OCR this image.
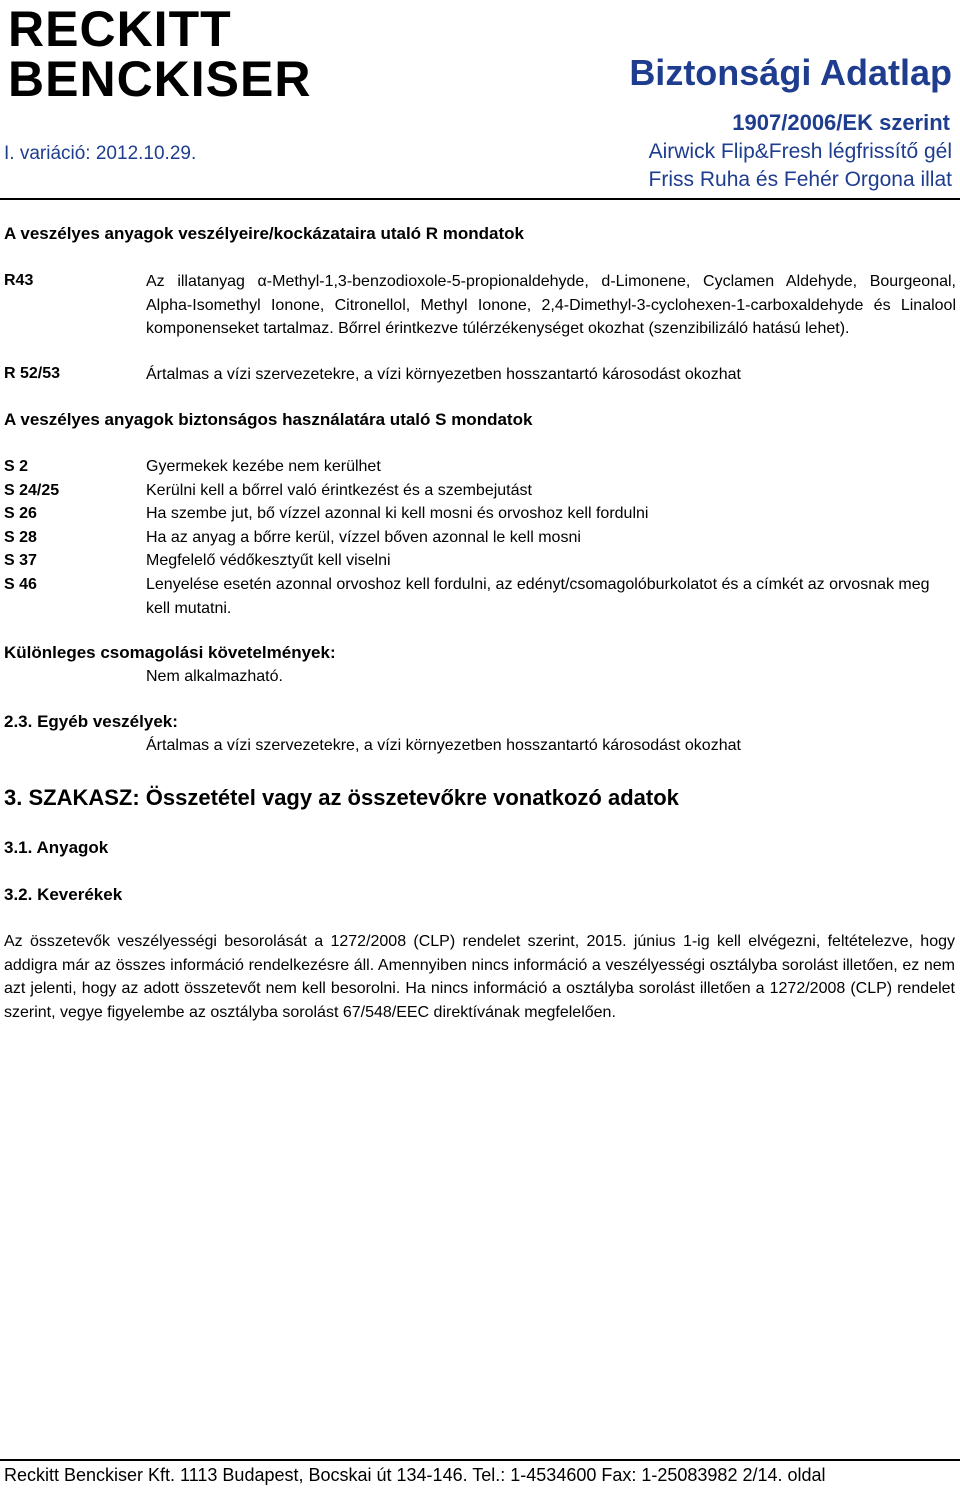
RECKITT
BENCKISER
I. variáció: 2012.10.29.
Biztonsági Adatlap
1907/2006/EK szerint
Airwick Flip&Fresh légfrissítő gél
Friss Ruha és Fehér Orgona illat
A veszélyes anyagok veszélyeire/kockázataira utaló R mondatok
R43	Az illatanyag α-Methyl-1,3-benzodioxole-5-propionaldehyde, d-Limonene, Cyclamen Aldehyde, Bourgeonal, Alpha-Isomethyl Ionone, Citronellol, Methyl Ionone, 2,4-Dimethyl-3-cyclohexen-1-carboxaldehyde és Linalool komponenseket tartalmaz. Bőrrel érintkezve túlérzékenységet okozhat (szenzibilizáló hatású lehet).
R 52/53	Ártalmas a vízi szervezetekre, a vízi környezetben hosszantartó károsodást okozhat
A veszélyes anyagok biztonságos használatára utaló S mondatok
S 2	Gyermekek kezébe nem kerülhet
S 24/25	Kerülni kell a bőrrel való érintkezést és a szembejutást
S 26	Ha szembe jut, bő vízzel azonnal ki kell mosni és orvoshoz kell fordulni
S 28	Ha az anyag a bőrre kerül, vízzel bőven azonnal le kell mosni
S 37	Megfelelő védőkesztyűt kell viselni
S 46	Lenyelése esetén azonnal orvoshoz kell fordulni, az edényt/csomagolóburkolatot és a címkét az orvosnak meg kell mutatni.
Különleges csomagolási követelmények:
Nem alkalmazható.
2.3. Egyéb veszélyek:
Ártalmas a vízi szervezetekre, a vízi környezetben hosszantartó károsodást okozhat
3. SZAKASZ: Összetétel vagy az összetevőkre vonatkozó adatok
3.1. Anyagok
3.2. Keverékek
Az összetevők veszélyességi besorolását a 1272/2008 (CLP) rendelet szerint, 2015. június 1-ig kell elvégezni, feltételezve, hogy addigra már az összes információ rendelkezésre áll. Amennyiben nincs információ a veszélyességi osztályba sorolást illetően, ez nem azt jelenti, hogy az adott összetevőt nem kell besorolni. Ha nincs információ a osztályba sorolást illetően a 1272/2008 (CLP) rendelet szerint, vegye figyelembe az osztályba sorolást 67/548/EEC direktívának megfelelően.
Reckitt Benckiser Kft. 1113 Budapest, Bocskai út 134-146. Tel.: 1-4534600 Fax: 1-25083982 2/14. oldal
